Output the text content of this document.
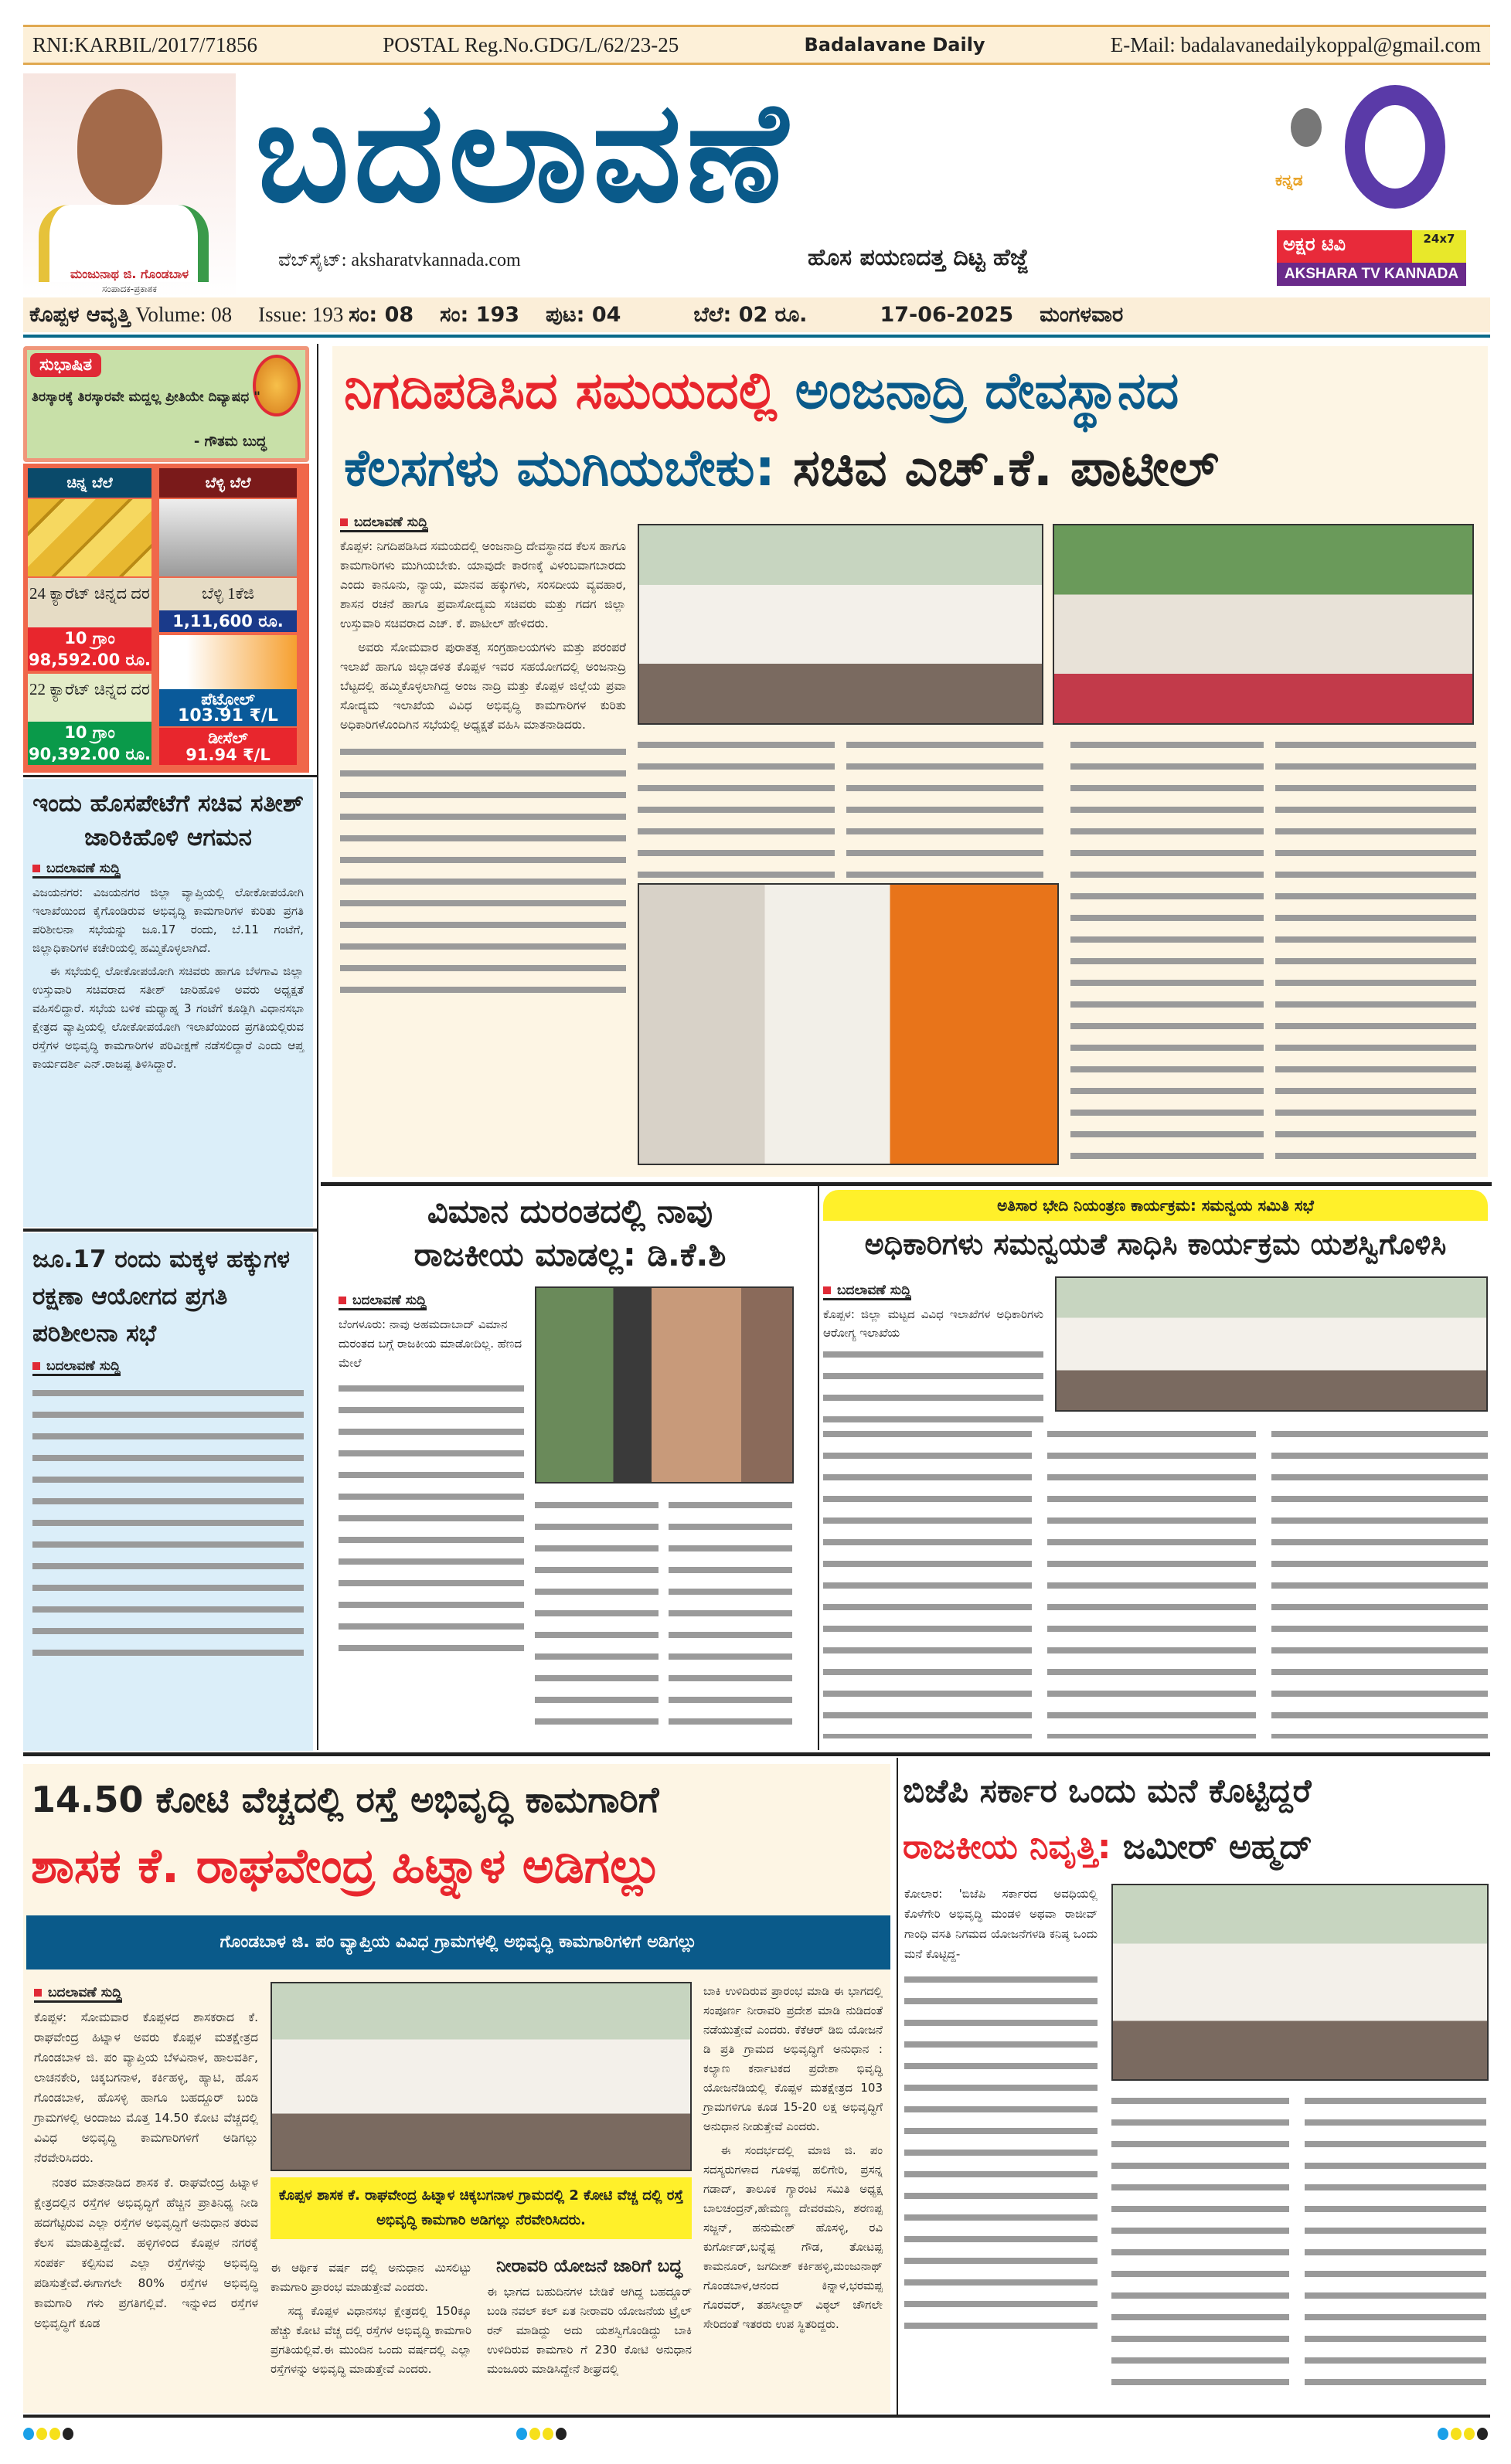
RNI:KARBIL/2017/71856	POSTAL Reg.No.GDG/L/62/23-25	Badalavane Daily	E-Mail: badalavanedailykoppal@gmail.com
ಮಂಜುನಾಥ ಜಿ. ಗೊಂಡಬಾಳ
ಸಂಪಾದಕ-ಪ್ರಕಾಶಕ
ಬದಲಾವಣೆ
ವೆಬ್‌ಸೈಟ್: aksharatvkannada.com	ಹೊಸ ಪಯಣದತ್ತ ದಿಟ್ಟ ಹೆಜ್ಜೆ
ಕನ್ನಡ
ಅಕ್ಷರ ಟಿವಿ	24x7
AKSHARA TV KANNADA
ಕೊಪ್ಪಳ ಆವೃತ್ತಿ Volume: 08 Issue: 193 ಸಂ: 08 ಸಂ: 193 ಪುಟ: 04	ಬೆಲೆ: 02 ರೂ.	17-06-2025 ಮಂಗಳವಾರ
ಸುಭಾಷಿತ
ತಿರಸ್ಕಾರಕ್ಕೆ ತಿರಸ್ಕಾರವೇ ಮದ್ದಲ್ಲ ಪ್ರೀತಿಯೇ ದಿವ್ಯಾಷಧ "
- ಗೌತಮ ಬುದ್ಧ
ಚಿನ್ನ ಬೆಲೆ	ಬೆಳ್ಳಿ ಬೆಲೆ
24 ಕ್ಯಾರೆಟ್ ಚಿನ್ನದ ದರ
10 ಗ್ರಾಂ 98,592.00 ರೂ.
22 ಕ್ಯಾರೆಟ್ ಚಿನ್ನದ ದರ
10 ಗ್ರಾಂ 90,392.00 ರೂ.
ಬೆಳ್ಳಿ 1ಕೆಜಿ
1,11,600 ರೂ.
ಪೆಟ್ರೋಲ್
103.91 ₹/L
ಡೀಸೆಲ್
91.94 ₹/L
ಇಂದು ಹೊಸಪೇಟೆಗೆ ಸಚಿವ ಸತೀಶ್ ಜಾರಿಕಿಹೊಳಿ ಆಗಮನ
ಬದಲಾವಣೆ ಸುದ್ದಿ

ವಿಜಯನಗರ: ವಿಜಯನಗರ ಜಿಲ್ಲಾ ವ್ಯಾಪ್ತಿಯಲ್ಲಿ ಲೋಕೋಪಯೋಗಿ ಇಲಾಖೆಯಿಂದ ಕೈಗೊಂಡಿರುವ ಅಭಿವೃದ್ಧಿ ಕಾಮಗಾರಿಗಳ ಕುರಿತು ಪ್ರಗತಿ ಪರಿಶೀಲನಾ ಸಭೆಯನ್ನು ಜೂ.17 ರಂದು, ಬೆ.11 ಗಂಟೆಗೆ, ಜಿಲ್ಲಾಧಿಕಾರಿಗಳ ಕಚೇರಿಯಲ್ಲಿ ಹಮ್ಮಿಕೊಳ್ಳಲಾಗಿದೆ.

ಈ ಸಭೆಯಲ್ಲಿ ಲೋಕೋಪಯೋಗಿ ಸಚಿವರು ಹಾಗೂ ಬೆಳಗಾವಿ ಜಿಲ್ಲಾ ಉಸ್ತುವಾರಿ ಸಚಿವರಾದ ಸತೀಶ್ ಜಾರಿಹೊಳಿ ಅವರು ಅಧ್ಯಕ್ಷತೆ ವಹಿಸಲಿದ್ದಾರೆ. ಸಭೆಯ ಬಳಿಕ ಮಧ್ಯಾಹ್ನ 3 ಗಂಟೆಗೆ ಕೂಡ್ಲಿಗಿ ವಿಧಾನಸಭಾ ಕ್ಷೇತ್ರದ ವ್ಯಾಪ್ತಿಯಲ್ಲಿ ಲೋಕೋಪಯೋಗಿ ಇಲಾಖೆಯಿಂದ ಪ್ರಗತಿಯಲ್ಲಿರುವ ರಸ್ತೆಗಳ ಅಭಿವೃದ್ಧಿ ಕಾಮಗಾರಿಗಳ ಪರಿವೀಕ್ಷಣೆ ನಡೆಸಲಿದ್ದಾರೆ ಎಂದು ಆಪ್ತ ಕಾರ್ಯದರ್ಶಿ ಎನ್.ರಾಜಪ್ಪ ತಿಳಿಸಿದ್ದಾರೆ.

ಜೂ.17 ರಂದು ಮಕ್ಕಳ ಹಕ್ಕುಗಳ ರಕ್ಷಣಾ ಆಯೋಗದ ಪ್ರಗತಿ ಪರಿಶೀಲನಾ ಸಭೆ
ಬದಲಾವಣೆ ಸುದ್ದಿ
ನಿಗದಿಪಡಿಸಿದ ಸಮಯದಲ್ಲಿ ಅಂಜನಾದ್ರಿ ದೇವಸ್ಥಾನದ
ಕೆಲಸಗಳು ಮುಗಿಯಬೇಕು: ಸಚಿವ ಎಚ್.ಕೆ. ಪಾಟೀಲ್
ಬದಲಾವಣೆ ಸುದ್ದಿ

ಕೊಪ್ಪಳ: ನಿಗದಿಪಡಿಸಿದ ಸಮಯದಲ್ಲಿ ಅಂಜನಾದ್ರಿ ದೇವಸ್ಥಾನದ ಕೆಲಸ ಹಾಗೂ ಕಾಮಗಾರಿಗಳು ಮುಗಿಯಬೇಕು. ಯಾವುದೇ ಕಾರಣಕ್ಕೆ ವಿಳಂಬವಾಗಬಾರದು ಎಂದು ಕಾನೂನು, ನ್ಯಾಯ, ಮಾನವ ಹಕ್ಕುಗಳು, ಸಂಸದೀಯ ವ್ಯವಹಾರ, ಶಾಸನ ರಚನೆ ಹಾಗೂ ಪ್ರವಾಸೋದ್ಯಮ ಸಚಿವರು ಮತ್ತು ಗದಗ ಜಿಲ್ಲಾ ಉಸ್ತುವಾರಿ ಸಚಿವರಾದ ಎಚ್. ಕೆ. ಪಾಟೀಲ್ ಹೇಳಿದರು.

ಅವರು ಸೋಮವಾರ ಪುರಾತತ್ವ ಸಂಗ್ರಹಾಲಯಗಳು ಮತ್ತು ಪರಂಪರೆ ಇಲಾಖೆ ಹಾಗೂ ಜಿಲ್ಲಾಡಳಿತ ಕೊಪ್ಪಳ ಇವರ ಸಹಯೋಗದಲ್ಲಿ ಅಂಜನಾದ್ರಿ ಬೆಟ್ಟದಲ್ಲಿ ಹಮ್ಮಿಕೊಳ್ಳಲಾಗಿದ್ದ ಅಂಜ ನಾದ್ರಿ ಮತ್ತು ಕೊಪ್ಪಳ ಜಿಲ್ಲೆಯ ಪ್ರವಾ ಸೋದ್ಯಮ ಇಲಾಖೆಯ ವಿವಿಧ ಅಭಿವೃದ್ಧಿ ಕಾಮಗಾರಿಗಳ ಕುರಿತು ಅಧಿಕಾರಿಗಳೊಂದಿಗಿನ ಸಭೆಯಲ್ಲಿ ಅಧ್ಯಕ್ಷತೆ ವಹಿಸಿ ಮಾತನಾಡಿದರು.

ವಿಮಾನ ದುರಂತದಲ್ಲಿ ನಾವು
ರಾಜಕೀಯ ಮಾಡಲ್ಲ: ಡಿ.ಕೆ.ಶಿ
ಬದಲಾವಣೆ ಸುದ್ದಿ
ಬೆಂಗಳೂರು: ನಾವು ಅಹಮದಾಬಾದ್ ವಿಮಾನ ದುರಂತದ ಬಗ್ಗೆ ರಾಜಕೀಯ ಮಾಡೋದಿಲ್ಲ. ಹೆಣದ ಮೇಲೆ
ಅತಿಸಾರ ಭೇದಿ ನಿಯಂತ್ರಣ ಕಾರ್ಯಕ್ರಮ: ಸಮನ್ವಯ ಸಮಿತಿ ಸಭೆ
ಅಧಿಕಾರಿಗಳು ಸಮನ್ವಯತೆ ಸಾಧಿಸಿ ಕಾರ್ಯಕ್ರಮ ಯಶಸ್ವಿಗೊಳಿಸಿ
ಬದಲಾವಣೆ ಸುದ್ದಿ
ಕೊಪ್ಪಳ: ಜಿಲ್ಲಾ ಮಟ್ಟದ ವಿವಿಧ ಇಲಾಖೆಗಳ ಅಧಿಕಾರಿಗಳು ಆರೋಗ್ಯ ಇಲಾಖೆಯ
14.50 ಕೋಟಿ ವೆಚ್ಚದಲ್ಲಿ ರಸ್ತೆ ಅಭಿವೃದ್ಧಿ ಕಾಮಗಾರಿಗೆ
ಶಾಸಕ ಕೆ. ರಾಘವೇಂದ್ರ ಹಿಟ್ನಾಳ ಅಡಿಗಲ್ಲು
ಗೊಂಡಬಾಳ ಜಿ. ಪಂ ವ್ಯಾಪ್ತಿಯ ವಿವಿಧ ಗ್ರಾಮಗಳಲ್ಲಿ ಅಭಿವೃದ್ಧಿ ಕಾಮಗಾರಿಗಳಿಗೆ ಅಡಿಗಲ್ಲು
ಬದಲಾವಣೆ ಸುದ್ದಿ

ಕೊಪ್ಪಳ: ಸೋಮವಾರ ಕೊಪ್ಪಳದ ಶಾಸಕರಾದ ಕೆ. ರಾಘವೇಂದ್ರ ಹಿಟ್ನಾಳ ಅವರು ಕೊಪ್ಪಳ ಮತಕ್ಷೇತ್ರದ ಗೊಂಡಬಾಳ ಜಿ. ಪಂ ವ್ಯಾಪ್ತಿಯ ಬೆಳವಿನಾಳ, ಹಾಲವರ್ತಿ, ಲಾಚನಕೇರಿ, ಚಿಕ್ಕಬಗನಾಳ, ಕರ್ಕಿಹಳ್ಳಿ, ಹ್ಯಾಟಿ, ಹೊಸ ಗೊಂಡಬಾಳ, ಹೊಸಳ್ಳಿ ಹಾಗೂ ಬಹದ್ದೂರ್ ಬಂಡಿ ಗ್ರಾಮಗಳಲ್ಲಿ ಅಂದಾಜು ಮೊತ್ತ 14.50 ಕೋಟಿ ವೆಚ್ಚದಲ್ಲಿ ವಿವಿಧ ಅಭಿವೃದ್ಧಿ ಕಾಮಗಾರಿಗಳಿಗೆ ಅಡಿಗಲ್ಲು ನೆರವೇರಿಸಿದರು.

ನಂತರ ಮಾತನಾಡಿದ ಶಾಸಕ ಕೆ. ರಾಘವೇಂದ್ರ ಹಿಟ್ನಾಳ ಕ್ಷೇತ್ರದಲ್ಲಿನ ರಸ್ತೆಗಳ ಅಭಿವೃದ್ಧಿಗೆ ಹೆಚ್ಚಿನ ಪ್ರಾತಿನಿಧ್ಯ ನೀಡಿ ಹದಗೆಟ್ಟಿರುವ ಎಲ್ಲಾ ರಸ್ತೆಗಳ ಅಭಿವೃದ್ಧಿಗೆ ಅನುಧಾನ ತರುವ ಕೆಲಸ ಮಾಡುತ್ತಿದ್ದೇವೆ. ಹಳ್ಳಿಗಳಿಂದ ಕೊಪ್ಪಳ ನಗರಕ್ಕೆ ಸಂಪರ್ಕ ಕಲ್ಪಿಸುವ ಎಲ್ಲಾ ರಸ್ತೆಗಳನ್ನು ಅಭಿವೃದ್ಧಿ ಪಡಿಸುತ್ತೇವೆ.ಈಗಾಗಲೇ 80% ರಸ್ತೆಗಳ ಅಭಿವೃದ್ಧಿ ಕಾಮಗಾರಿ ಗಳು ಪ್ರಗತಿಗಲ್ಲಿವೆ. ಇನ್ನುಳಿದ ರಸ್ತೆಗಳ ಅಭಿವೃದ್ಧಿಗೆ ಕೂಡ

ಕೊಪ್ಪಳ ಶಾಸಕ ಕೆ. ರಾಘವೇಂದ್ರ ಹಿಟ್ನಾಳ ಚಿಕ್ಕಬಗನಾಳ ಗ್ರಾಮದಲ್ಲಿ 2 ಕೋಟಿ ವೆಚ್ಚ ದಲ್ಲಿ ರಸ್ತೆ ಅಭಿವೃದ್ಧಿ ಕಾಮಗಾರಿ ಅಡಿಗಲ್ಲು ನೆರವೇರಿಸಿದರು.

ಈ ಆರ್ಥಿಕ ವರ್ಷ ದಲ್ಲಿ ಅನುಧಾನ ಮಿಸಲಿಟ್ಟು ಕಾಮಗಾರಿ ಪ್ರಾರಂಭ ಮಾಡುತ್ತೇವೆ ಎಂದರು.

ಸದ್ಯ ಕೊಪ್ಪಳ ವಿಧಾನಸಭ ಕ್ಷೇತ್ರದಲ್ಲಿ 150ಕ್ಕೂ ಹೆಚ್ಚು ಕೋಟಿ ವೆಚ್ಚ ದಲ್ಲಿ ರಸ್ತೆಗಳ ಅಭಿವೃದ್ಧಿ ಕಾಮಗಾರಿ ಪ್ರಗತಿಯಲ್ಲಿವೆ.ಈ ಮುಂದಿನ ಒಂದು ವರ್ಷದಲ್ಲಿ ಎಲ್ಲಾ ರಸ್ತೆಗಳನ್ನು ಅಭಿವೃದ್ಧಿ ಮಾಡುತ್ತೇವೆ ಎಂದರು.

ನೀರಾವರಿ ಯೋಜನೆ ಜಾರಿಗೆ ಬದ್ಧ
ಈ ಭಾಗದ ಬಹುದಿನಗಳ ಬೇಡಿಕೆ ಆಗಿದ್ದ ಬಹದ್ದೂರ್ ಬಂಡಿ ನವಲ್ ಕಲ್ ಏತ ನೀರಾವರಿ ಯೋಜನೆಯ ಟ್ರೈಲ್ ರನ್ ಮಾಡಿದ್ದು ಅದು ಯಶಸ್ವಿಗೊಂಡಿದ್ದು ಬಾಕಿ ಉಳಿದಿರುವ ಕಾಮಗಾರಿ ಗೆ 230 ಕೋಟಿ ಅನುಧಾನ ಮಂಜೂರು ಮಾಡಿಸಿದ್ದೇನೆ ಶೀಘ್ರದಲ್ಲಿ

ಬಾಕಿ ಉಳಿದಿರುವ ಪ್ರಾರಂಭ ಮಾಡಿ ಈ ಭಾಗದಲ್ಲಿ ಸಂಪೂರ್ಣ ನೀರಾವರಿ ಪ್ರದೇಶ ಮಾಡಿ ನುಡಿದಂತೆ ನಡೆಯುತ್ತೇವೆ ಎಂದರು. ಕೆಕೆಆರ್ ಡಿಬಿ ಯೋಜನೆ ಡಿ ಪ್ರತಿ ಗ್ರಾಮದ ಅಭಿವೃದ್ಧಿಗೆ ಅನುಧಾನ : ಕಲ್ಯಾಣ ಕರ್ನಾಟಕದ ಪ್ರದೇಶಾ ಭಿವೃದ್ಧಿ ಯೋಜನೆಡಿಯಲ್ಲಿ ಕೊಪ್ಪಳ ಮತಕ್ಷೇತ್ರದ 103 ಗ್ರಾಮಗಳಿಗೂ ಕೂಡ 15-20 ಲಕ್ಷ ಅಭಿವೃದ್ಧಿಗೆ ಅನುಧಾನ ನೀಡುತ್ತೇವೆ ಎಂದರು.

ಈ ಸಂದರ್ಭದಲ್ಲಿ ಮಾಜಿ ಜಿ. ಪಂ ಸದಸ್ಯರುಗಳಾದ ಗೂಳಪ್ಪ ಹಲಿಗೇರಿ, ಪ್ರಸನ್ನ ಗಡಾದ್, ತಾಲೂಕ ಗ್ಯಾರಂಟಿ ಸಮಿತಿ ಅಧ್ಯಕ್ಷ ಬಾಲಚಂದ್ರನ್,ಹೇಮಣ್ಣ ದೇವರಮನಿ, ಶರಣಪ್ಪ ಸಜ್ಜನ್, ಹನುಮೇಶ್ ಹೊಸಳ್ಳಿ, ರವಿ ಕುರ್ಗೋಡ್,ಬನ್ನೆಪ್ಪ ಗೌಡ, ತೋಟಪ್ಪ ಕಾಮನೂರ್, ಜಗದೀಶ್ ಕರ್ಕಿಹಳ್ಳಿ,ಮಂಜುನಾಥ್ ಗೊಂಡಬಾಳ,ಆನಂದ ಕಿನ್ನಾಳ,ಭರಮಪ್ಪ ಗೊರವರ್, ತಹಸೀಲ್ದಾರ್ ವಿಠ್ಠಲ್ ಚೌಗಲೇ ಸೇರಿದಂತೆ ಇತರರು ಉಪ ಸ್ಥಿತರಿದ್ದರು.

ಬಿಜೆಪಿ ಸರ್ಕಾರ ಒಂದು ಮನೆ ಕೊಟ್ಟಿದ್ದರೆ
ರಾಜಕೀಯ ನಿವೃತ್ತಿ: ಜಮೀರ್ ಅಹ್ಮದ್
ಕೋಲಾರ: 'ಬಿಜೆಪಿ ಸರ್ಕಾರದ ಅವಧಿಯಲ್ಲಿ ಕೊಳೆಗೇರಿ ಅಭಿವೃದ್ಧಿ ಮಂಡಳಿ ಅಥವಾ ರಾಜೀವ್ ಗಾಂಧಿ ವಸತಿ ನಿಗಮದ ಯೋಜನೆಗಳಡಿ ಕನಿಷ್ಠ ಒಂದು ಮನೆ ಕೊಟ್ಟಿದ್ದ-
